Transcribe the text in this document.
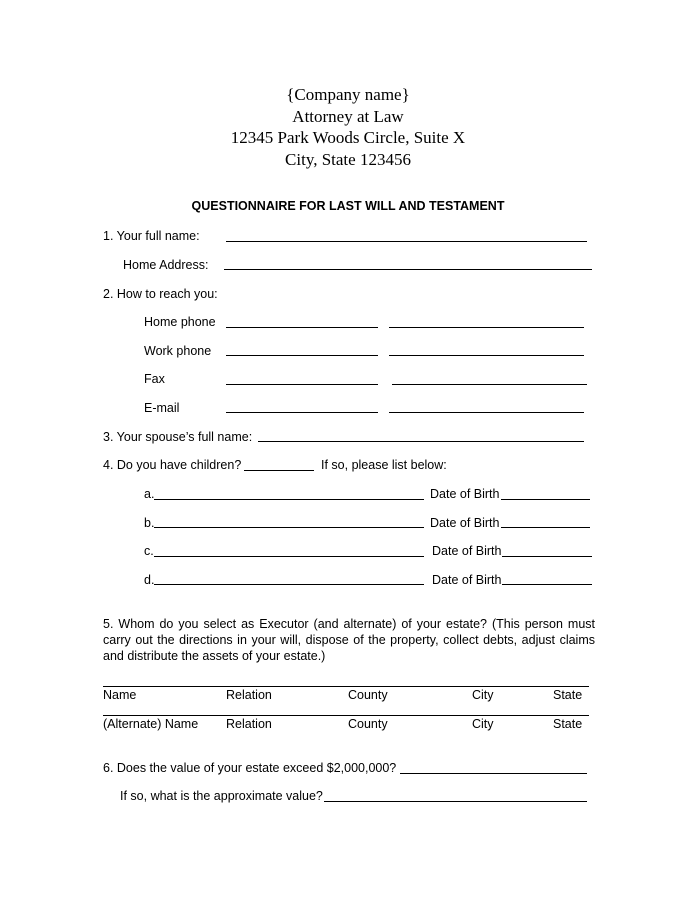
{Company name}
Attorney at Law
12345 Park Woods Circle, Suite X
City, State 123456
QUESTIONNAIRE FOR LAST WILL AND TESTAMENT
1. Your full name:
Home Address:
2. How to reach you:
Home phone
Work phone
Fax
E-mail
3. Your spouse’s full name:
4. Do you have children?	If so, please list below:
a.	Date of Birth
b.	Date of Birth
c.	Date of Birth
d.	Date of Birth
5. Whom do you select as Executor (and alternate) of your estate? (This person must carry out the directions in your will, dispose of the property, collect debts, adjust claims and distribute the assets of your estate.)
Name	Relation	County	City	State
(Alternate) Name Relation	County	City	State
6. Does the value of your estate exceed $2,000,000?
If so, what is the approximate value?
